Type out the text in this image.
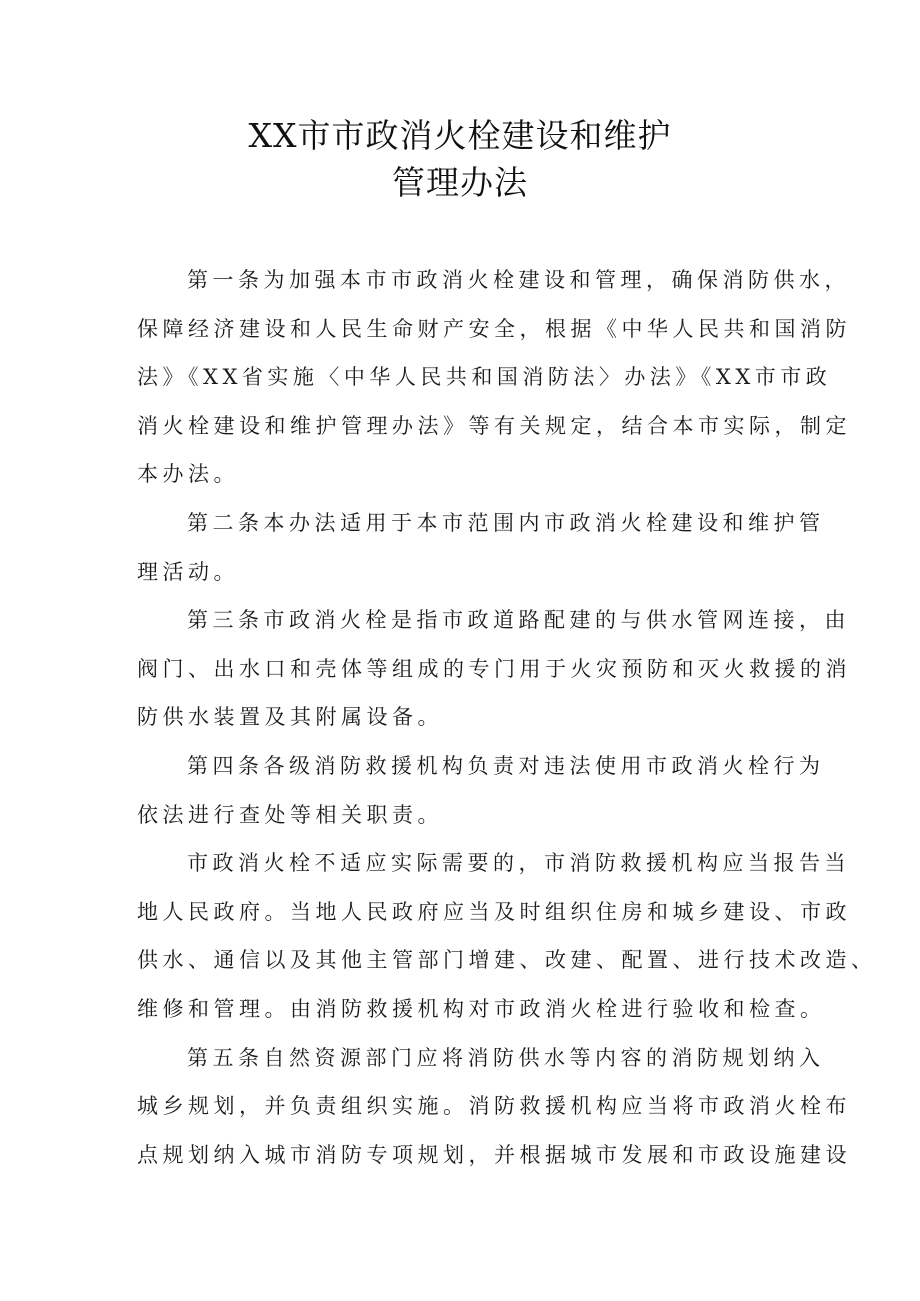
XX市市政消火栓建设和维护
管理办法

第一条为加强本市市政消火栓建设和管理，确保消防供水，
保障经济建设和人民生命财产安全，根据《中华人民共和国消防
法》《XX省实施〈中华人民共和国消防法〉办法》《XX市市政
消火栓建设和维护管理办法》等有关规定，结合本市实际，制定
本办法。

第二条本办法适用于本市范围内市政消火栓建设和维护管
理活动。

第三条市政消火栓是指市政道路配建的与供水管网连接，由
阀门、出水口和壳体等组成的专门用于火灾预防和灭火救援的消
防供水装置及其附属设备。

第四条各级消防救援机构负责对违法使用市政消火栓行为
依法进行查处等相关职责。

市政消火栓不适应实际需要的，市消防救援机构应当报告当
地人民政府。当地人民政府应当及时组织住房和城乡建设、市政
供水、通信以及其他主管部门增建、改建、配置、进行技术改造、
维修和管理。由消防救援机构对市政消火栓进行验收和检查。

第五条自然资源部门应将消防供水等内容的消防规划纳入
城乡规划，并负责组织实施。消防救援机构应当将市政消火栓布
点规划纳入城市消防专项规划，并根据城市发展和市政设施建设
